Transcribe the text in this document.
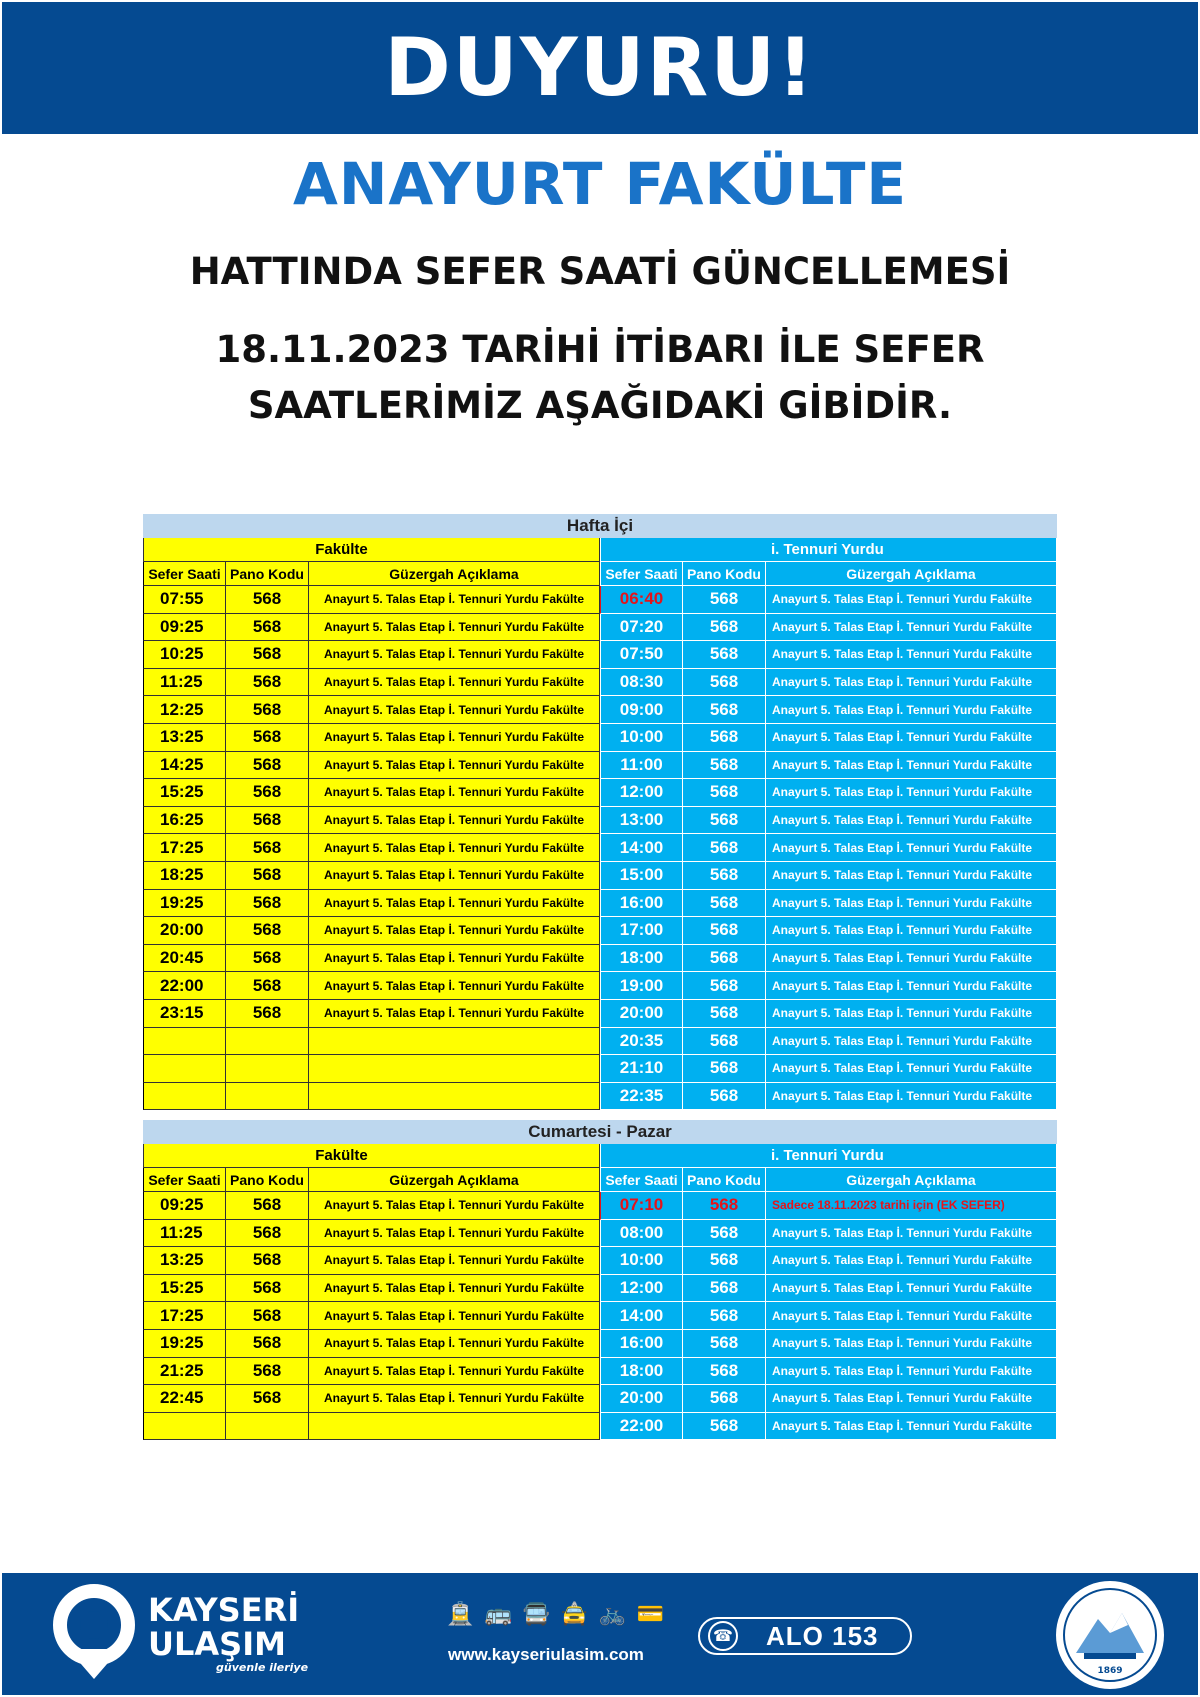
DUYURU!
ANAYURT FAKÜLTE
HATTINDA SEFER SAATİ GÜNCELLEMESİ
18.11.2023 TARİHİ İTİBARI İLE SEFER
SAATLERİMİZ AŞAĞIDAKİ GİBİDİR.
Hafta İçi
Fakülte
Sefer Saati Pano Kodu	Güzergah Açıklama
07:55	568	Anayurt 5. Talas Etap İ. Tennuri Yurdu Fakülte
09:25	568	Anayurt 5. Talas Etap İ. Tennuri Yurdu Fakülte
10:25	568	Anayurt 5. Talas Etap İ. Tennuri Yurdu Fakülte
11:25	568	Anayurt 5. Talas Etap İ. Tennuri Yurdu Fakülte
12:25	568	Anayurt 5. Talas Etap İ. Tennuri Yurdu Fakülte
13:25	568	Anayurt 5. Talas Etap İ. Tennuri Yurdu Fakülte
14:25	568	Anayurt 5. Talas Etap İ. Tennuri Yurdu Fakülte
15:25	568	Anayurt 5. Talas Etap İ. Tennuri Yurdu Fakülte
16:25	568	Anayurt 5. Talas Etap İ. Tennuri Yurdu Fakülte
17:25	568	Anayurt 5. Talas Etap İ. Tennuri Yurdu Fakülte
18:25	568	Anayurt 5. Talas Etap İ. Tennuri Yurdu Fakülte
19:25	568	Anayurt 5. Talas Etap İ. Tennuri Yurdu Fakülte
20:00	568	Anayurt 5. Talas Etap İ. Tennuri Yurdu Fakülte
20:45	568	Anayurt 5. Talas Etap İ. Tennuri Yurdu Fakülte
22:00	568	Anayurt 5. Talas Etap İ. Tennuri Yurdu Fakülte
23:15	568	Anayurt 5. Talas Etap İ. Tennuri Yurdu Fakülte
i. Tennuri Yurdu
Sefer Saati Pano Kodu	Güzergah Açıklama
06:40	568	Anayurt 5. Talas Etap İ. Tennuri Yurdu Fakülte
07:20	568	Anayurt 5. Talas Etap İ. Tennuri Yurdu Fakülte
07:50	568	Anayurt 5. Talas Etap İ. Tennuri Yurdu Fakülte
08:30	568	Anayurt 5. Talas Etap İ. Tennuri Yurdu Fakülte
09:00	568	Anayurt 5. Talas Etap İ. Tennuri Yurdu Fakülte
10:00	568	Anayurt 5. Talas Etap İ. Tennuri Yurdu Fakülte
11:00	568	Anayurt 5. Talas Etap İ. Tennuri Yurdu Fakülte
12:00	568	Anayurt 5. Talas Etap İ. Tennuri Yurdu Fakülte
13:00	568	Anayurt 5. Talas Etap İ. Tennuri Yurdu Fakülte
14:00	568	Anayurt 5. Talas Etap İ. Tennuri Yurdu Fakülte
15:00	568	Anayurt 5. Talas Etap İ. Tennuri Yurdu Fakülte
16:00	568	Anayurt 5. Talas Etap İ. Tennuri Yurdu Fakülte
17:00	568	Anayurt 5. Talas Etap İ. Tennuri Yurdu Fakülte
18:00	568	Anayurt 5. Talas Etap İ. Tennuri Yurdu Fakülte
19:00	568	Anayurt 5. Talas Etap İ. Tennuri Yurdu Fakülte
20:00	568	Anayurt 5. Talas Etap İ. Tennuri Yurdu Fakülte
20:35	568	Anayurt 5. Talas Etap İ. Tennuri Yurdu Fakülte
21:10	568	Anayurt 5. Talas Etap İ. Tennuri Yurdu Fakülte
22:35	568	Anayurt 5. Talas Etap İ. Tennuri Yurdu Fakülte
Cumartesi - Pazar
Fakülte
Sefer Saati Pano Kodu	Güzergah Açıklama
09:25	568	Anayurt 5. Talas Etap İ. Tennuri Yurdu Fakülte
11:25	568	Anayurt 5. Talas Etap İ. Tennuri Yurdu Fakülte
13:25	568	Anayurt 5. Talas Etap İ. Tennuri Yurdu Fakülte
15:25	568	Anayurt 5. Talas Etap İ. Tennuri Yurdu Fakülte
17:25	568	Anayurt 5. Talas Etap İ. Tennuri Yurdu Fakülte
19:25	568	Anayurt 5. Talas Etap İ. Tennuri Yurdu Fakülte
21:25	568	Anayurt 5. Talas Etap İ. Tennuri Yurdu Fakülte
22:45	568	Anayurt 5. Talas Etap İ. Tennuri Yurdu Fakülte
i. Tennuri Yurdu
Sefer Saati Pano Kodu	Güzergah Açıklama
07:10	568	Sadece 18.11.2023 tarihi için (EK SEFER)
08:00	568	Anayurt 5. Talas Etap İ. Tennuri Yurdu Fakülte
10:00	568	Anayurt 5. Talas Etap İ. Tennuri Yurdu Fakülte
12:00	568	Anayurt 5. Talas Etap İ. Tennuri Yurdu Fakülte
14:00	568	Anayurt 5. Talas Etap İ. Tennuri Yurdu Fakülte
16:00	568	Anayurt 5. Talas Etap İ. Tennuri Yurdu Fakülte
18:00	568	Anayurt 5. Talas Etap İ. Tennuri Yurdu Fakülte
20:00	568	Anayurt 5. Talas Etap İ. Tennuri Yurdu Fakülte
22:00	568	Anayurt 5. Talas Etap İ. Tennuri Yurdu Fakülte
KAYSERİ
ULAŞIM
güvenle ileriye
🚊 🚌 🚍 🚖 🚲 💳
www.kayseriulasim.com
☎ ALO 153
1869
